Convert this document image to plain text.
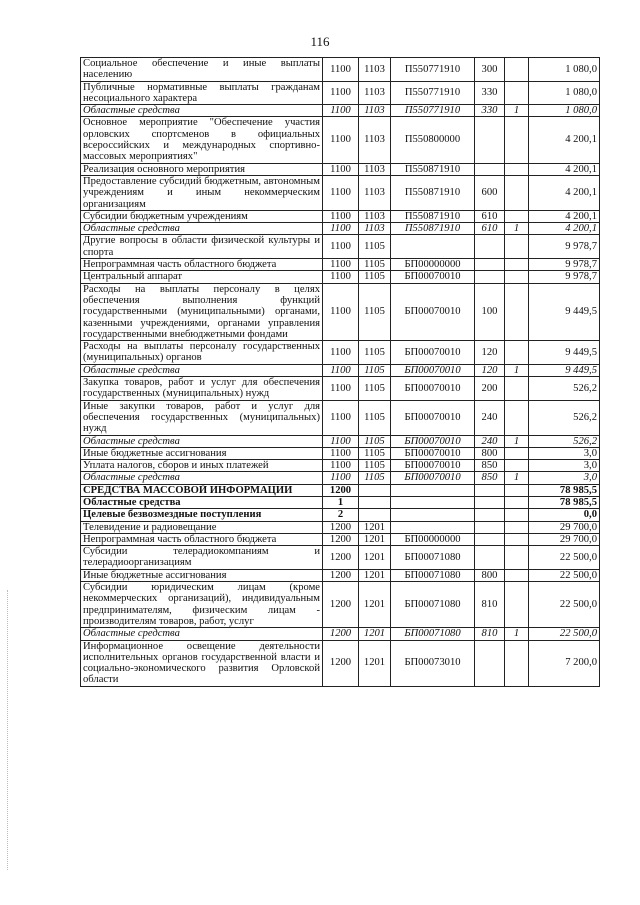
116
Социальное обеспечение и иные выплаты населению	1100	1103	П550771910	300		1 080,0
Публичные нормативные выплаты гражданам несоциального характера	1100	1103	П550771910	330		1 080,0
Областные средства	1100	1103	П550771910	330	1	1 080,0
Основное мероприятие "Обеспечение участия орловских спортсменов в официальных всероссийских и международных спортивно-массовых мероприятиях"	1100	1103	П550800000			4 200,1
Реализация основного мероприятия	1100	1103	П550871910			4 200,1
Предоставление субсидий бюджетным, автономным учреждениям и иным некоммерческим организациям	1100	1103	П550871910	600		4 200,1
Субсидии бюджетным учреждениям	1100	1103	П550871910	610		4 200,1
Областные средства	1100	1103	П550871910	610	1	4 200,1
Другие вопросы в области физической культуры и спорта	1100	1105				9 978,7
Непрограммная часть областного бюджета	1100	1105	БП00000000			9 978,7
Центральный аппарат	1100	1105	БП00070010			9 978,7
Расходы на выплаты персоналу в целях обеспечения выполнения функций государственными (муниципальными) органами, казенными учреждениями, органами управления государственными внебюджетными фондами	1100	1105	БП00070010	100		9 449,5
Расходы на выплаты персоналу государственных (муниципальных) органов	1100	1105	БП00070010	120		9 449,5
Областные средства	1100	1105	БП00070010	120	1	9 449,5
Закупка товаров, работ и услуг для обеспечения государственных (муниципальных) нужд	1100	1105	БП00070010	200		526,2
Иные закупки товаров, работ и услуг для обеспечения государственных (муниципальных) нужд	1100	1105	БП00070010	240		526,2
Областные средства	1100	1105	БП00070010	240	1	526,2
Иные бюджетные ассигнования	1100	1105	БП00070010	800		3,0
Уплата налогов, сборов и иных платежей	1100	1105	БП00070010	850		3,0
Областные средства	1100	1105	БП00070010	850	1	3,0
СРЕДСТВА МАССОВОЙ ИНФОРМАЦИИ	1200					78 985,5
Областные средства	1					78 985,5
Целевые безвозмездные поступления	2					0,0
Телевидение и радиовещание	1200	1201				29 700,0
Непрограммная часть областного бюджета	1200	1201	БП00000000			29 700,0
Субсидии телерадиокомпаниям и телерадиоорганизациям	1200	1201	БП00071080			22 500,0
Иные бюджетные ассигнования	1200	1201	БП00071080	800		22 500,0
Субсидии юридическим лицам (кроме некоммерческих организаций), индивидуальным предпринимателям, физическим лицам - производителям товаров, работ, услуг	1200	1201	БП00071080	810		22 500,0
Областные средства	1200	1201	БП00071080	810	1	22 500,0
Информационное освещение деятельности исполнительных органов государственной власти и социально-экономического развития Орловской области	1200	1201	БП00073010			7 200,0
